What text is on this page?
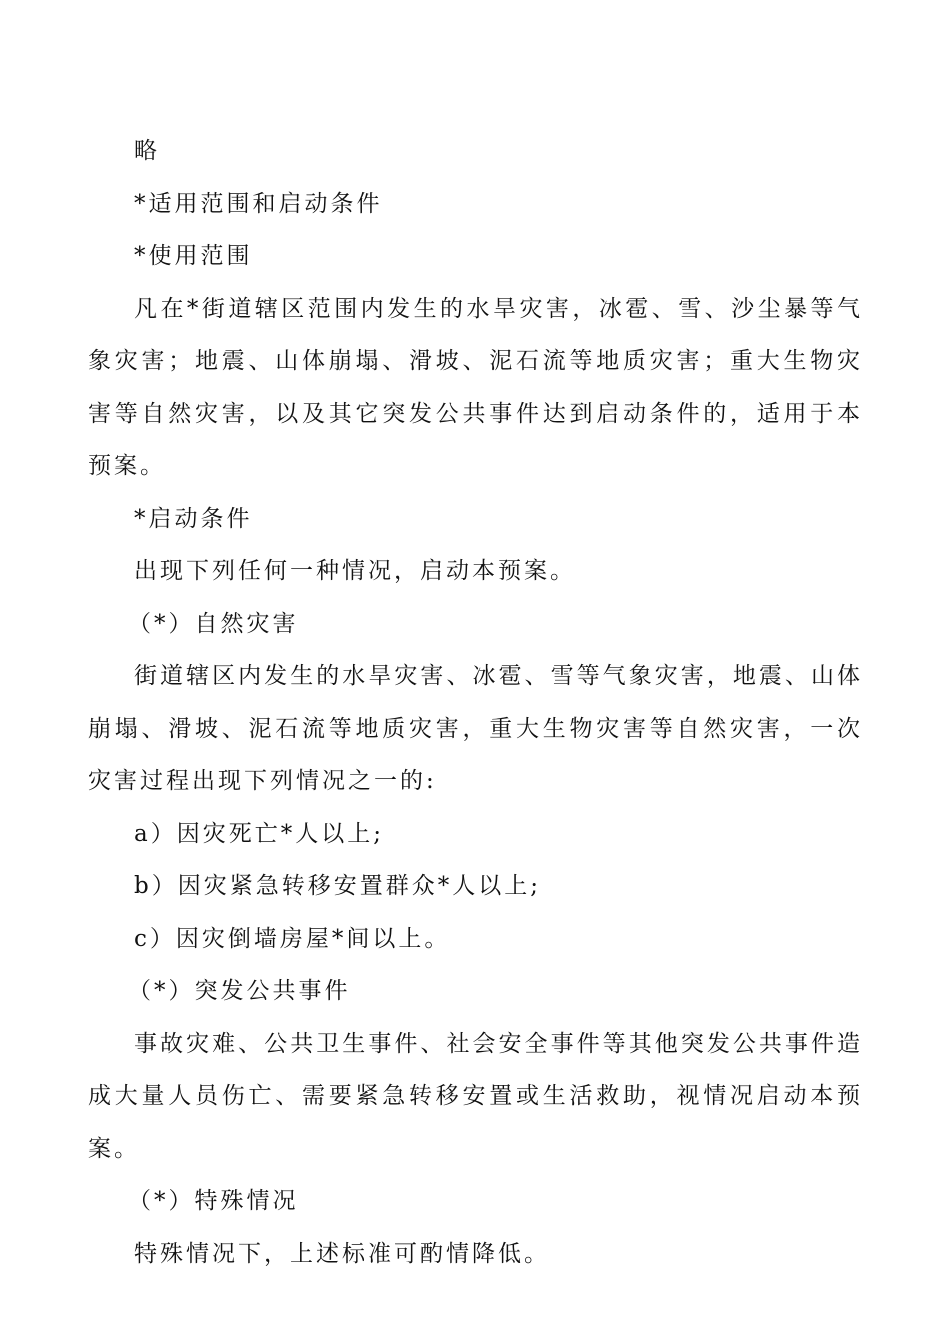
略

*适用范围和启动条件

*使用范围

凡在*街道辖区范围内发生的水旱灾害，冰雹、雪、沙尘暴等气象灾害；地震、山体崩塌、滑坡、泥石流等地质灾害；重大生物灾害等自然灾害，以及其它突发公共事件达到启动条件的，适用于本预案。

*启动条件

出现下列任何一种情况，启动本预案。

（*）自然灾害

街道辖区内发生的水旱灾害、冰雹、雪等气象灾害，地震、山体崩塌、滑坡、泥石流等地质灾害，重大生物灾害等自然灾害，一次灾害过程出现下列情况之一的:

a）因灾死亡*人以上;

b）因灾紧急转移安置群众*人以上;

c）因灾倒墙房屋*间以上。

（*）突发公共事件

事故灾难、公共卫生事件、社会安全事件等其他突发公共事件造成大量人员伤亡、需要紧急转移安置或生活救助，视情况启动本预案。

（*）特殊情况

特殊情况下，上述标准可酌情降低。
